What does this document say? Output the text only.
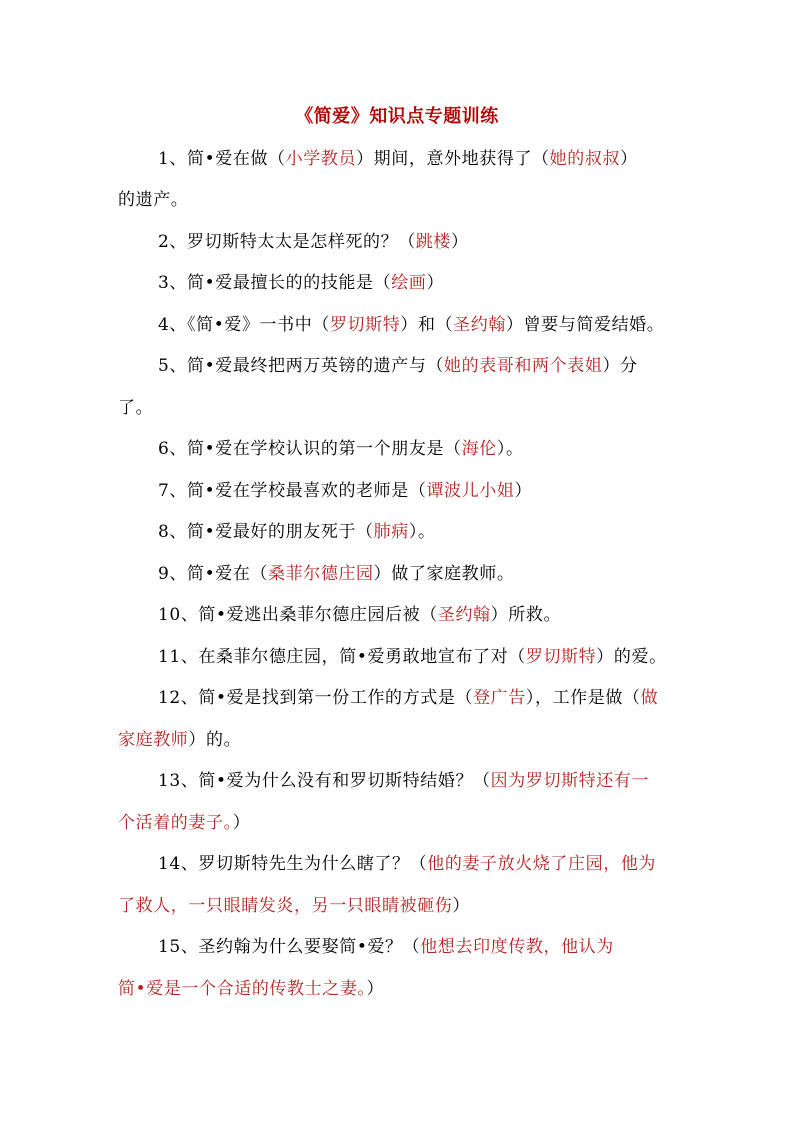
《简爱》知识点专题训练
1、简•爱在做（小学教员）期间，意外地获得了（她的叔叔）
的遗产。
2、罗切斯特太太是怎样死的？（跳楼）
3、简•爱最擅长的的技能是（绘画）
4、《简•爱》一书中（罗切斯特）和（圣约翰）曾要与简爱结婚。
5、简•爱最终把两万英镑的遗产与（她的表哥和两个表姐）分
了。
6、简•爱在学校认识的第一个朋友是（海伦）。
7、简•爱在学校最喜欢的老师是（谭波儿小姐）
8、简•爱最好的朋友死于（肺病）。
9、简•爱在（桑菲尔德庄园）做了家庭教师。
10、简•爱逃出桑菲尔德庄园后被（圣约翰）所救。
11、在桑菲尔德庄园，简•爱勇敢地宣布了对（罗切斯特）的爱。
12、简•爱是找到第一份工作的方式是（登广告），工作是做（做
家庭教师）的。
13、简•爱为什么没有和罗切斯特结婚？（因为罗切斯特还有一
个活着的妻子。）
14、罗切斯特先生为什么瞎了？（他的妻子放火烧了庄园，他为
了救人，一只眼睛发炎，另一只眼睛被砸伤）
15、圣约翰为什么要娶简•爱？（他想去印度传教，他认为
简•爱是一个合适的传教士之妻。）
